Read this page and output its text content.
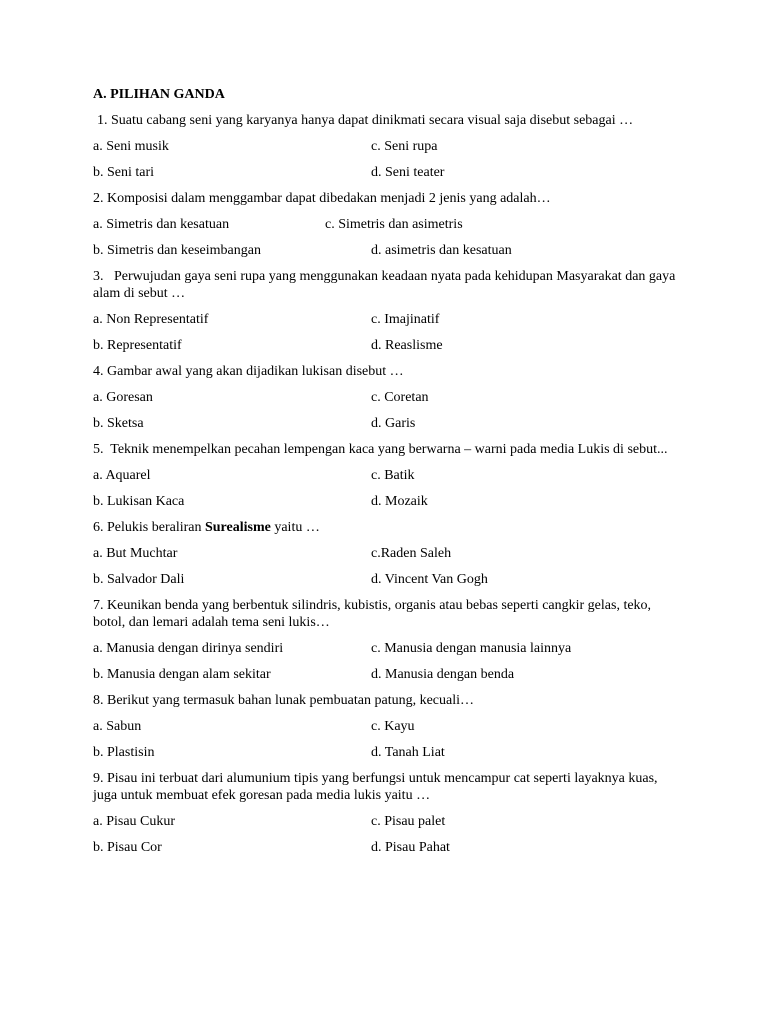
A. PILIHAN GANDA
1. Suatu cabang seni yang karyanya hanya dapat dinikmati secara visual saja disebut sebagai …
a. Seni musik	c. Seni rupa
b. Seni tari	d. Seni teater
2. Komposisi dalam menggambar dapat dibedakan menjadi 2 jenis yang adalah…
a. Simetris dan kesatuan	c. Simetris dan asimetris
b. Simetris dan keseimbangan	d. asimetris dan kesatuan
3.   Perwujudan gaya seni rupa yang menggunakan keadaan nyata pada kehidupan Masyarakat dan gaya alam di sebut …
a. Non Representatif	c. Imajinatif
b. Representatif	d. Reaslisme
4. Gambar awal yang akan dijadikan lukisan disebut …
a. Goresan	c. Coretan
b. Sketsa	d. Garis
5.  Teknik menempelkan pecahan lempengan kaca yang berwarna – warni pada media Lukis di sebut...
a. Aquarel	c. Batik
b. Lukisan Kaca	d. Mozaik
6. Pelukis beraliran Surealisme yaitu …
a. But Muchtar	c.Raden Saleh
b. Salvador Dali	d. Vincent Van Gogh
7. Keunikan benda yang berbentuk silindris, kubistis, organis atau bebas seperti cangkir gelas, teko, botol, dan lemari adalah tema seni lukis…
a. Manusia dengan dirinya sendiri	c. Manusia dengan manusia lainnya
b. Manusia dengan alam sekitar	d. Manusia dengan benda
8. Berikut yang termasuk bahan lunak pembuatan patung, kecuali…
a. Sabun	c. Kayu
b. Plastisin	d. Tanah Liat
9. Pisau ini terbuat dari alumunium tipis yang berfungsi untuk mencampur cat seperti layaknya kuas, juga untuk membuat efek goresan pada media lukis yaitu …
a. Pisau Cukur	c. Pisau palet
b. Pisau Cor	d. Pisau Pahat
